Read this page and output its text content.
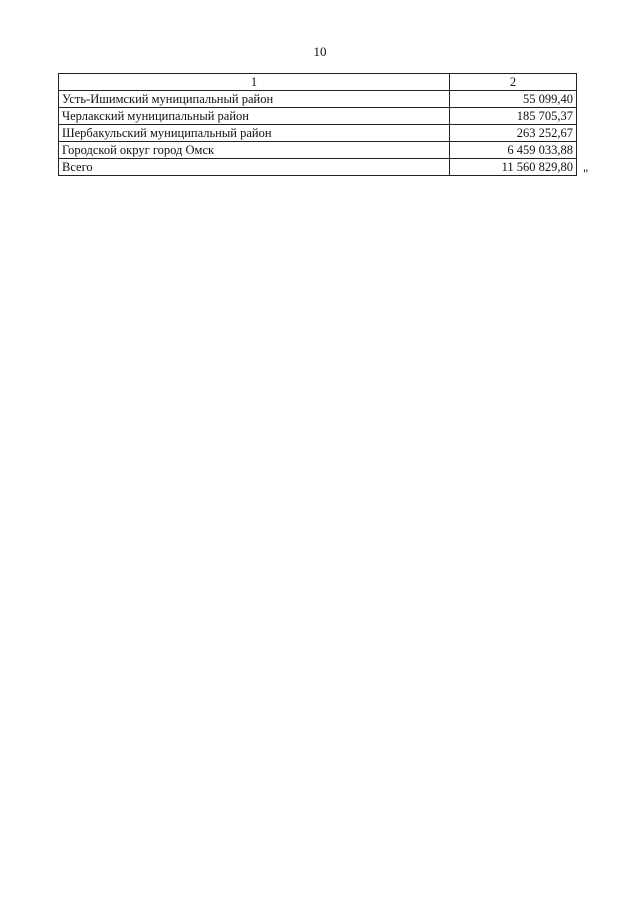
10
1	2
Усть-Ишимский муниципальный район	55 099,40
Черлакский муниципальный район	185 705,37
Шербакульский муниципальный район	263 252,67
Городской округ город Омск	6 459 033,88
Всего	11 560 829,80 "
